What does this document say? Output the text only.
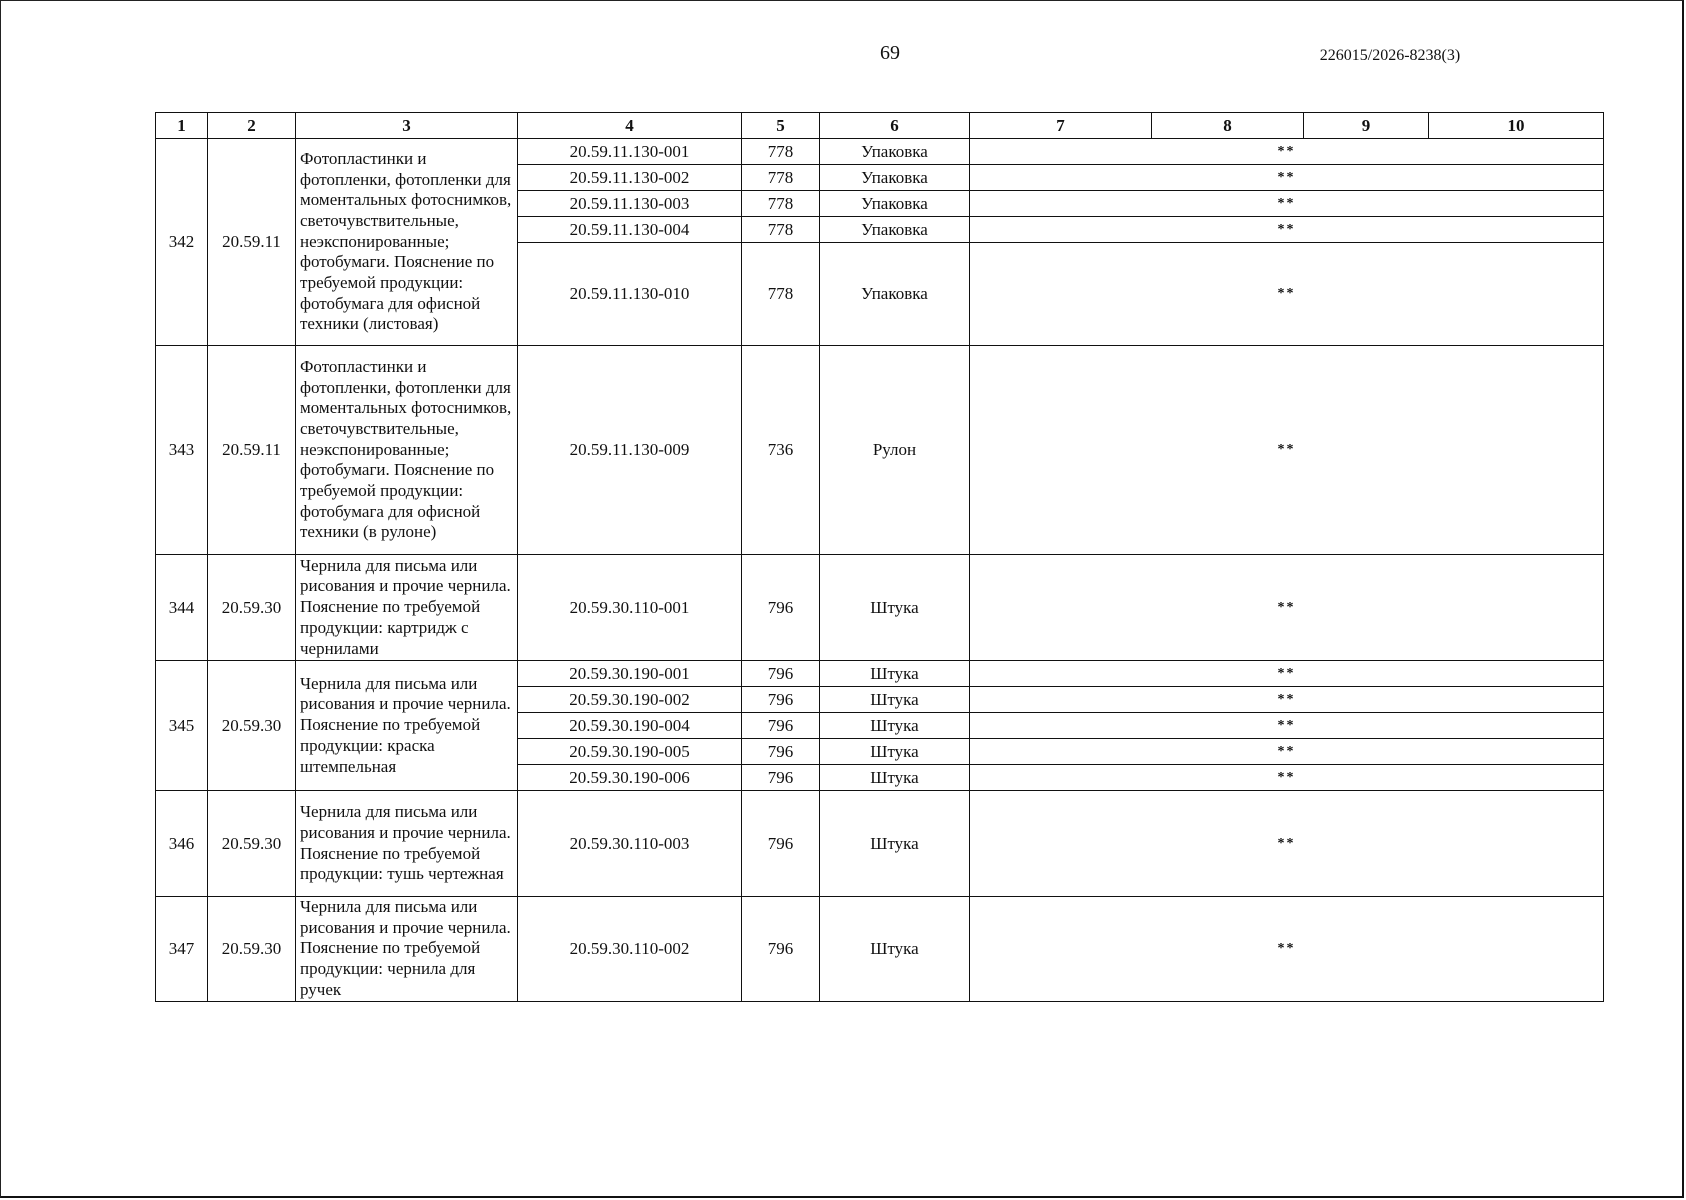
69	226015/2026-8238(3)
1	2	3	4	5	6	7	8	9	10
342	20.59.11	Фотопластинки и фотопленки, фотопленки для моментальных фотоснимков, светочувствительные, неэкспонированные; фотобумаги. Пояснение по требуемой продукции: фотобумага для офисной техники (листовая)	20.59.11.130-001	778	Упаковка	**			
			20.59.11.130-002	778	Упаковка	**			
			20.59.11.130-003	778	Упаковка	**			
			20.59.11.130-004	778	Упаковка	**			
			20.59.11.130-010	778	Упаковка	**			
343	20.59.11	Фотопластинки и фотопленки, фотопленки для моментальных фотоснимков, светочувствительные, неэкспонированные; фотобумаги. Пояснение по требуемой продукции: фотобумага для офисной техники (в рулоне)	20.59.11.130-009	736	Рулон	**			
344	20.59.30	Чернила для письма или рисования и прочие чернила. Пояснение по требуемой продукции: картридж с чернилами	20.59.30.110-001	796	Штука	**			
345	20.59.30	Чернила для письма или рисования и прочие чернила. Пояснение по требуемой продукции: краска штемпельная	20.59.30.190-001	796	Штука	**			
			20.59.30.190-002	796	Штука	**			
			20.59.30.190-004	796	Штука	**			
			20.59.30.190-005	796	Штука	**			
			20.59.30.190-006	796	Штука	**			
346	20.59.30	Чернила для письма или рисования и прочие чернила. Пояснение по требуемой продукции: тушь чертежная	20.59.30.110-003	796	Штука	**			
347	20.59.30	Чернила для письма или рисования и прочие чернила. Пояснение по требуемой продукции: чернила для ручек	20.59.30.110-002	796	Штука	**			
